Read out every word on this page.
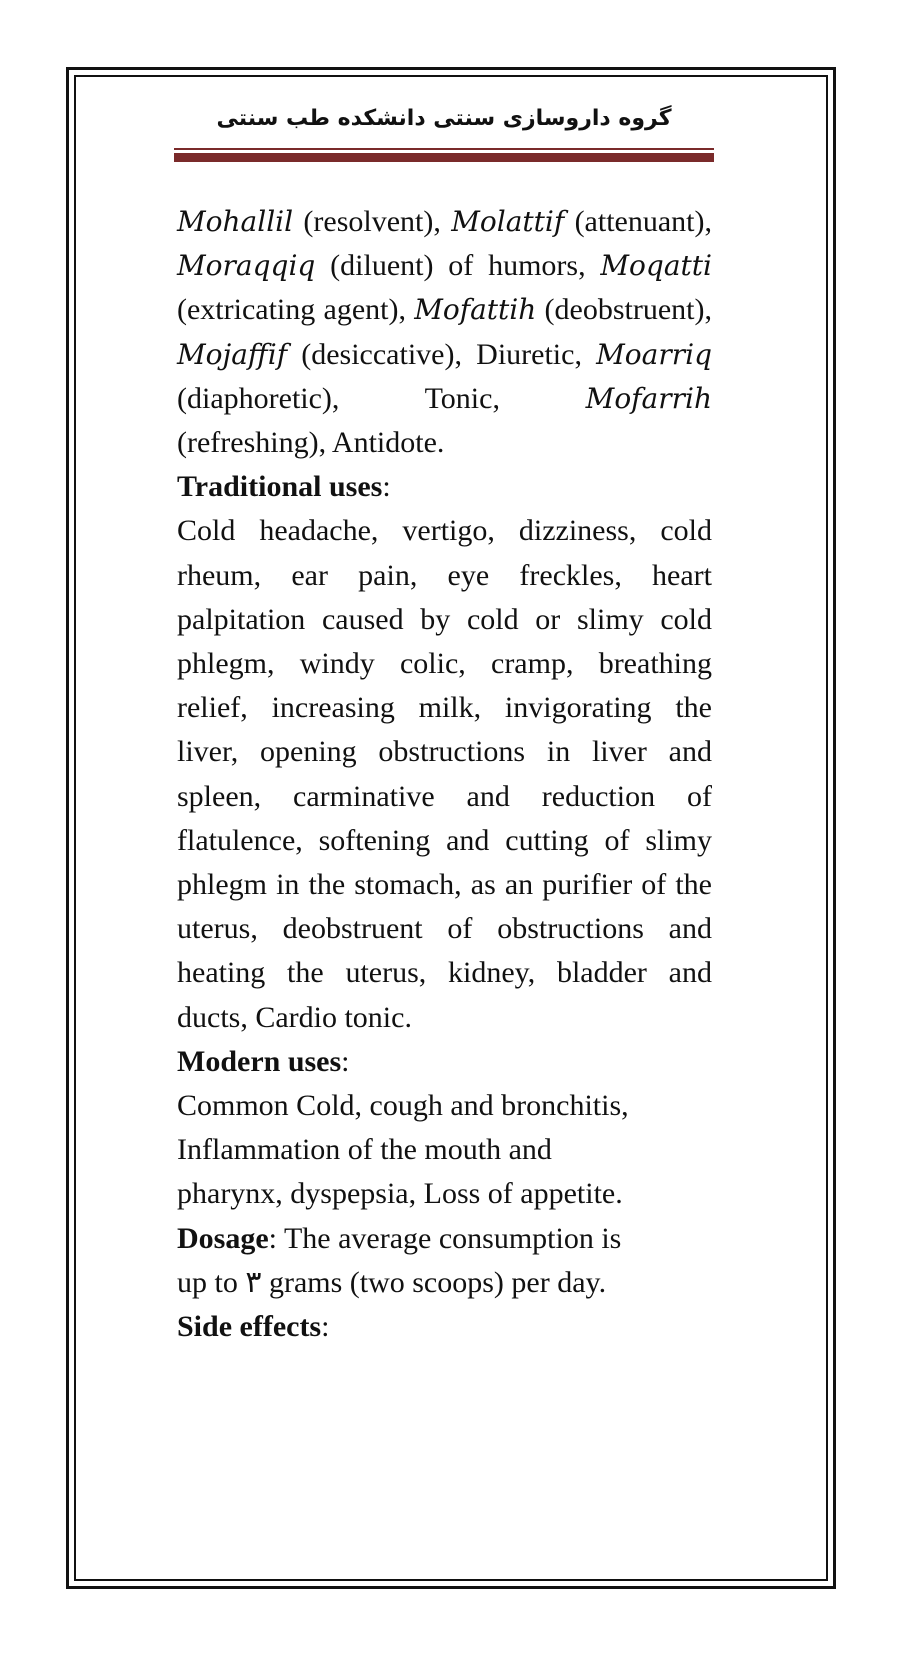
گروه داروسازی سنتی دانشکده طب سنتی

Mohallil (resolvent), Molattif (attenuant), Moraqqiq (diluent) of humors, Moqatti (extricating agent), Mofattih (deobstruent), Mojaffif (desiccative), Diuretic, Moarriq (diaphoretic), Tonic, Mofarrih (refreshing), Antidote.

Traditional uses:

Cold headache, vertigo, dizziness, cold rheum, ear pain, eye freckles, heart palpitation caused by cold or slimy cold phlegm, windy colic, cramp, breathing relief, increasing milk, invigorating the liver, opening obstructions in liver and spleen, carminative and reduction of flatulence, softening and cutting of slimy phlegm in the stomach, as an purifier of the uterus, deobstruent of obstructions and heating the uterus, kidney, bladder and ducts, Cardio tonic.

Modern uses:

Common Cold, cough and bronchitis,

Inflammation of the mouth and

pharynx, dyspepsia, Loss of appetite.

Dosage: The average consumption is

up to ۳ grams (two scoops) per day.

Side effects:
